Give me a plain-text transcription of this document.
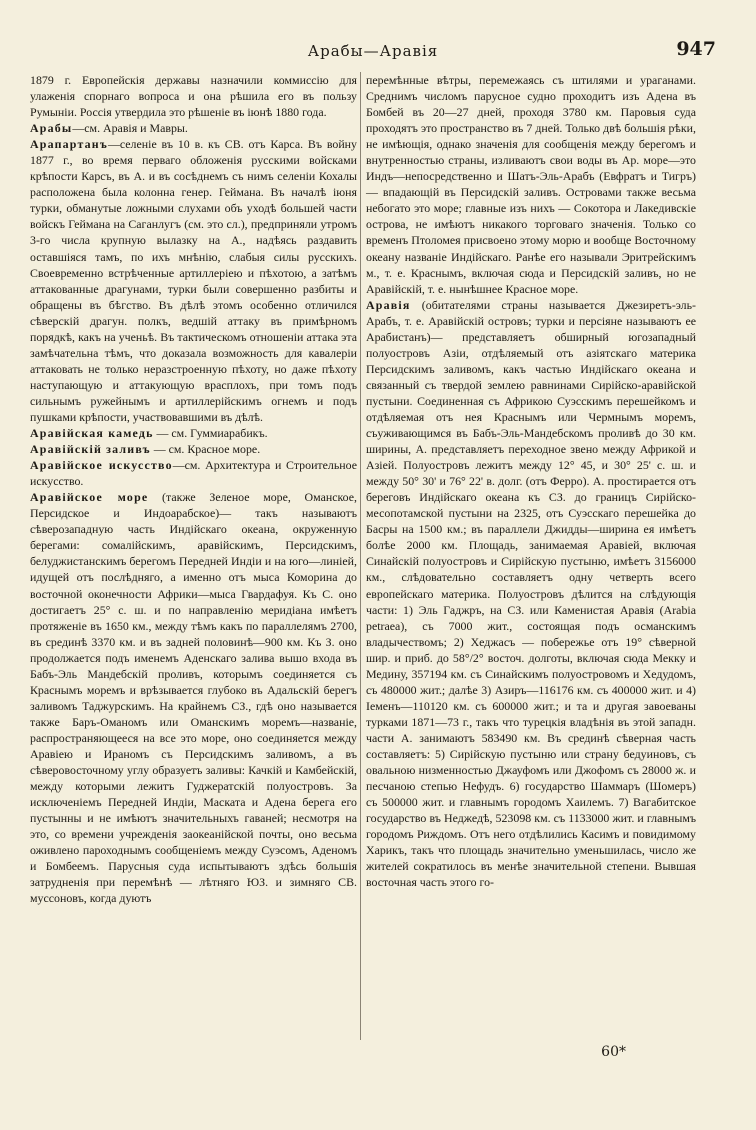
Арабы—Аравія	947

1879 г. Европейскія державы назначили коммиссію для улаженія спорнаго вопроса и она рѣшила его въ пользу Румыніи. Россія утвердила это рѣшеніе въ іюнѣ 1880 года.

Арабы—см. Аравія и Мавры.

Арапартанъ—селеніе въ 10 в. къ СВ. отъ Карса. Въ войну 1877 г., во время перваго обложенія русскими войсками крѣпости Карсъ, въ А. и въ сосѣднемъ съ нимъ селеніи Кохалы расположена была колонна генер. Геймана. Въ началѣ іюня турки, обманутые ложными слухами объ уходѣ большей части войскъ Геймана на Саганлугъ (см. это сл.), предприняли утромъ 3-го числа крупную вылазку на А., надѣясь раздавить оставшіяся тамъ, по ихъ мнѣнію, слабыя силы русскихъ. Своевременно встрѣченные артиллеріею и пѣхотою, а затѣмъ аттакованные драгунами, турки были совершенно разбиты и обращены въ бѣгство. Въ дѣлѣ этомъ особенно отличился сѣверскій драгун. полкъ, ведшій аттаку въ примѣрномъ порядкѣ, какъ на ученьѣ. Въ тактическомъ отношеніи аттака эта замѣчательна тѣмъ, что доказала возможность для кавалеріи аттаковать не только неразстроенную пѣхоту, но даже пѣхоту наступающую и аттакующую врасплохъ, при томъ подъ сильнымъ ружейнымъ и артиллерійскимъ огнемъ и подъ пушками крѣпости, участвовавшими въ дѣлѣ.

Аравійская камедь — см. Гуммиарабикъ.

Аравійскій заливъ — см. Красное море.

Аравійское искусство—см. Архитектура и Строительное искусство.

Аравійское море (также Зеленое море, Оманское, Персидское и Индоарабское)— такъ называютъ сѣверозападную часть Индійскаго океана, окруженную берегами: сомалійскимъ, аравійскимъ, Персидскимъ, белуджистанскимъ берегомъ Передней Индіи и на юго—линіей, идущей отъ послѣдняго, а именно отъ мыса Коморина до восточной оконечности Африки—мыса Гвардафуя. Къ С. оно достигаетъ 25° с. ш. и по направленію меридіана имѣетъ протяженіе въ 1650 км., между тѣмъ какъ по параллелямъ 2700, въ срединѣ 3370 км. и въ задней половинѣ—900 км. Къ З. оно продолжается подъ именемъ Аденскаго залива вышо входа въ Бабъ-Эль Мандебскій проливъ, которымъ соединяется съ Краснымъ моремъ и врѣзывается глубоко въ Адальскій берегъ заливомъ Таджурскимъ. На крайнемъ СЗ., гдѣ оно называется также Баръ-Оманомъ или Оманскимъ моремъ—названіе, распространяющееся на все это море, оно соединяется между Аравіею и Ираномъ съ Персидскимъ заливомъ, а въ сѣверовосточному углу образуетъ заливы: Качкій и Камбейскій, между которыми лежитъ Гуджератскій полуостровъ. За исключеніемъ Передней Индіи, Маската и Адена берега его пустынны и не имѣютъ значительныхъ гаваней; несмотря на это, со времени учрежденія заокеанійской почты, оно весьма оживлено пароходнымъ сообщеніемъ между Суэсомъ, Аденомъ и Бомбеемъ. Парусныя суда испытываютъ здѣсь большія затрудненія при перемѣнѣ — лѣтняго ЮЗ. и зимняго СВ. муссоновъ, когда дуютъ

перемѣнные вѣтры, перемежаясь съ штилями и ураганами. Среднимъ числомъ парусное судно проходитъ изъ Адена въ Бомбей въ 20—27 дней, проходя 3780 км. Паровыя суда проходятъ это пространство въ 7 дней. Только двѣ большія рѣки, не имѣющія, однако значенія для сообщенія между берегомъ и внутренностью страны, изливаютъ свои воды въ Ар. море—это Индъ—непосредственно и Шатъ-Эль-Арабъ (Евфратъ и Тигръ) — впадающій въ Персидскій заливъ. Островами также весьма небогато это море; главные изъ нихъ — Сокотора и Лакедивскіе острова, не имѣютъ никакого торговаго значенія. Только со временъ Птоломея присвоено этому морю и вообще Восточному океану названіе Индійскаго. Ранѣе его называли Эритрейскимъ м., т. е. Краснымъ, включая сюда и Персидскій заливъ, но не Аравійскій, т. е. нынѣшнее Красное море.

Аравія (обитателями страны называется Джезиретъ-эль-Арабъ, т. е. Аравійскій островъ; турки и персіяне называютъ ее Арабистанъ)— представляетъ обширный югозападный полуостровъ Азіи, отдѣляемый отъ азіятскаго материка Персидскимъ заливомъ, какъ частью Индійскаго океана и связанный съ твердой землею равнинами Сирійско-аравійской пустыни. Соединенная съ Африкою Суэсскимъ перешейкомъ и отдѣляемая отъ нея Краснымъ или Чермнымъ моремъ, съуживающимся въ Бабъ-Эль-Мандебскомъ проливѣ до 30 км. ширины, А. представляетъ переходное звено между Африкой и Азіей. Полуостровъ лежитъ между 12° 45, и 30° 25' с. ш. и между 50° 30' и 76° 22' в. долг. (отъ Ферро). А. простирается отъ береговъ Индійскаго океана къ СЗ. до границъ Сирійско-месопотамской пустыни на 2325, отъ Суэсскаго перешейка до Басры на 1500 км.; въ параллели Джидды—ширина ея имѣетъ болѣе 2000 км. Площадь, занимаемая Аравіей, включая Синайскій полуостровъ и Сирійскую пустыню, имѣетъ 3156000 км., слѣдовательно составляетъ одну четверть всего европейскаго материка. Полуостровъ дѣлится на слѣдующія части: 1) Эль Гаджръ, на СЗ. или Каменистая Аравія (Arabia petraea), съ 7000 жит., состоящая подъ османскимъ владычествомъ; 2) Хеджасъ — побережье отъ 19° сѣверной шир. и приб. до 58°/2° восточ. долготы, включая сюда Мекку и Медину, 357194 км. съ Синайскимъ полуостровомъ и Хедудомъ, съ 480000 жит.; далѣе 3) Азиръ—116176 км. съ 400000 жит. и 4) Іеменъ—110120 км. съ 600000 жит.; и та и другая завоеваны турками 1871—73 г., такъ что турецкія владѣнія въ этой западн. части А. занимаютъ 583490 км. Въ срединѣ сѣверная часть составляетъ: 5) Сирійскую пустыню или страну бедуиновъ, съ овальною низменностью Джауфомъ или Джофомъ съ 28000 ж. и песчаною степью Нефудъ. 6) государство Шаммаръ (Шомеръ) съ 500000 жит. и главнымъ городомъ Хаилемъ. 7) Вагабитское государство въ Неджедѣ, 523098 км. съ 1133000 жит. и главнымъ городомъ Риждомъ. Отъ него отдѣлились Касимъ и повидимому Харикъ, такъ что площадь значительно уменьшилась, число же жителей сократилось въ менѣе значительной степени. Вывшая восточная часть этого го-

60*
